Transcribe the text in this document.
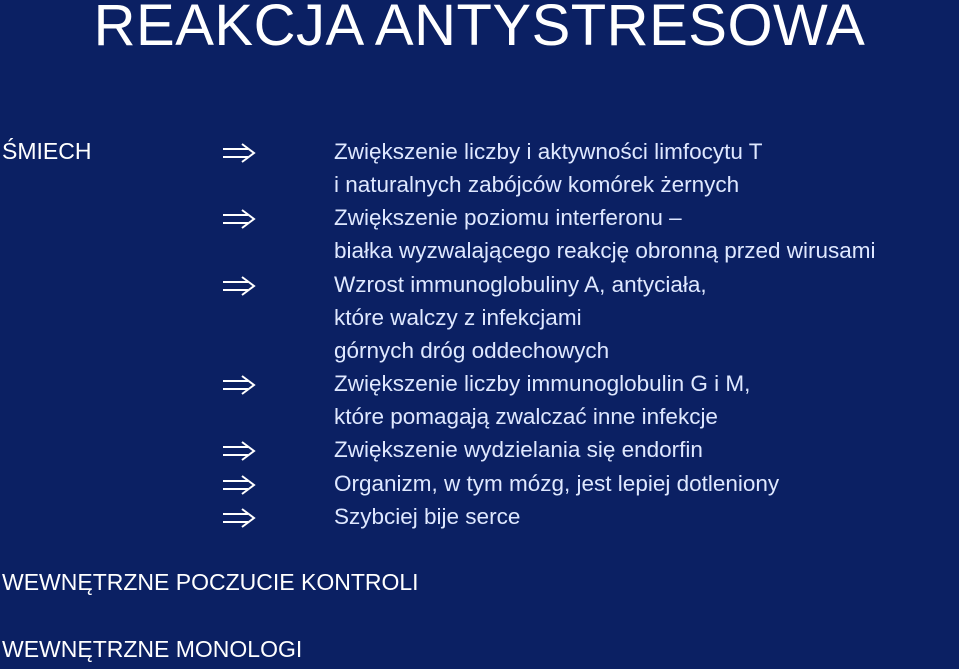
REAKCJA ANTYSTRESOWA
ŚMIECH	Zwiększenie liczby i aktywności limfocytu T
i naturalnych zabójców komórek żernych
Zwiększenie poziomu interferonu –
białka wyzwalającego reakcję obronną przed wirusami
Wzrost immunoglobuliny A, antyciała,
które walczy z infekcjami
górnych dróg oddechowych
Zwiększenie liczby immunoglobulin G i M,
które pomagają zwalczać inne infekcje
Zwiększenie wydzielania się endorfin
Organizm, w tym mózg, jest lepiej dotleniony
Szybciej bije serce
WEWNĘTRZNE POCZUCIE KONTROLI
WEWNĘTRZNE MONOLOGI
